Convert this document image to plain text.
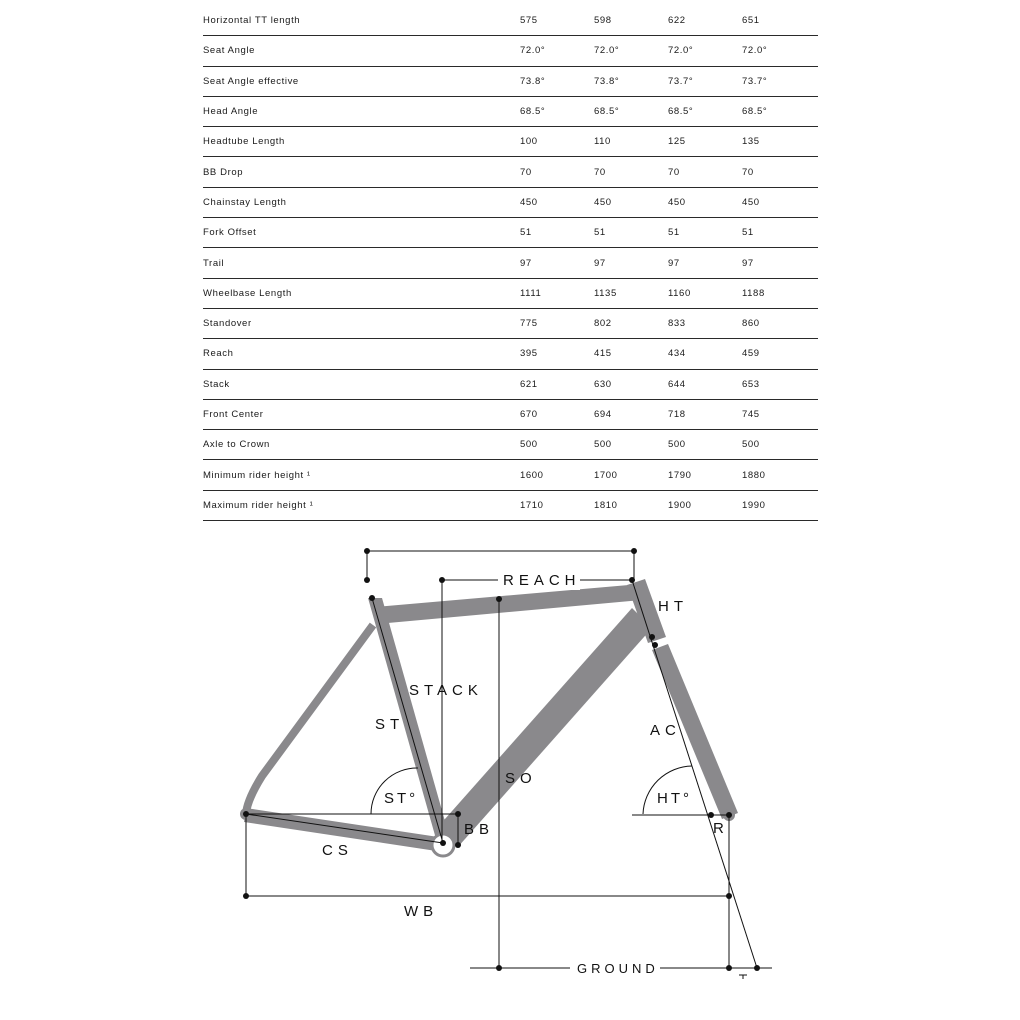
Horizontal TT length	575	598	622	651
Seat Angle	72.0°	72.0°	72.0°	72.0°
Seat Angle effective	73.8°	73.8°	73.7°	73.7°
Head Angle	68.5°	68.5°	68.5°	68.5°
Headtube Length	100	110	125	135
BB Drop	70	70	70	70
Chainstay Length	450	450	450	450
Fork Offset	51	51	51	51
Trail	97	97	97	97
Wheelbase Length	1111	1135	1160	1188
Standover	775	802	833	860
Reach	395	415	434	459
Stack	621	630	644	653
Front Center	670	694	718	745
Axle to Crown	500	500	500	500
Minimum rider height ¹	1600	1700	1790	1880
Maximum rider height ¹	1710	1810	1900	1990
REACH
HT
STACK
ST	AC
SO
ST°	HT°
BB	R
CS
WB
GROUND
